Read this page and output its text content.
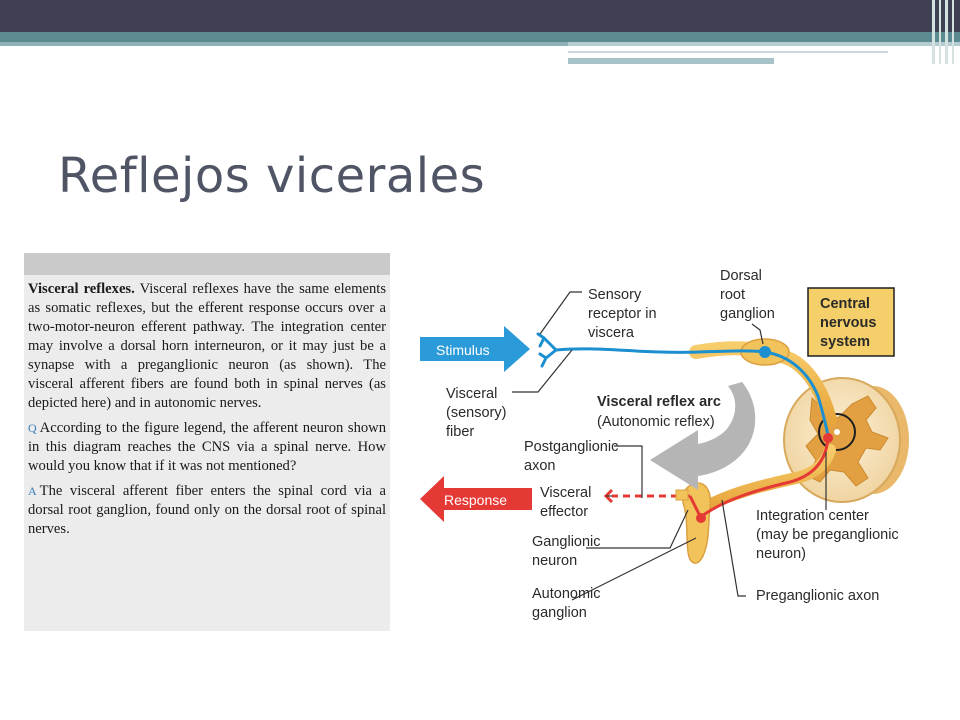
Reflejos vicerales

Visceral reflexes. Visceral reflexes have the same elements as somatic reflexes, but the efferent response occurs over a two-motor-neuron efferent pathway. The integration center may involve a dorsal horn interneuron, or it may just be a synapse with a preganglionic neuron (as shown). The visceral afferent fibers are found both in spinal nerves (as depicted here) and in autonomic nerves.

Q According to the figure legend, the afferent neuron shown in this diagram reaches the CNS via a spinal nerve. How would you know that if it was not mentioned?

A The visceral afferent fiber enters the spinal cord via a dorsal root ganglion, found only on the dorsal root of spinal nerves.

Stimulus
Response
Central
nervous
system
Sensory
receptor in
viscera
Dorsal
root
ganglion
Visceral
(sensory)
fiber
Visceral reflex arc
(Autonomic reflex)
Postganglionic
axon
Visceral
effector
Ganglionic
neuron
Autonomic
ganglion
Integration center
(may be preganglionic
neuron)
Preganglionic axon
